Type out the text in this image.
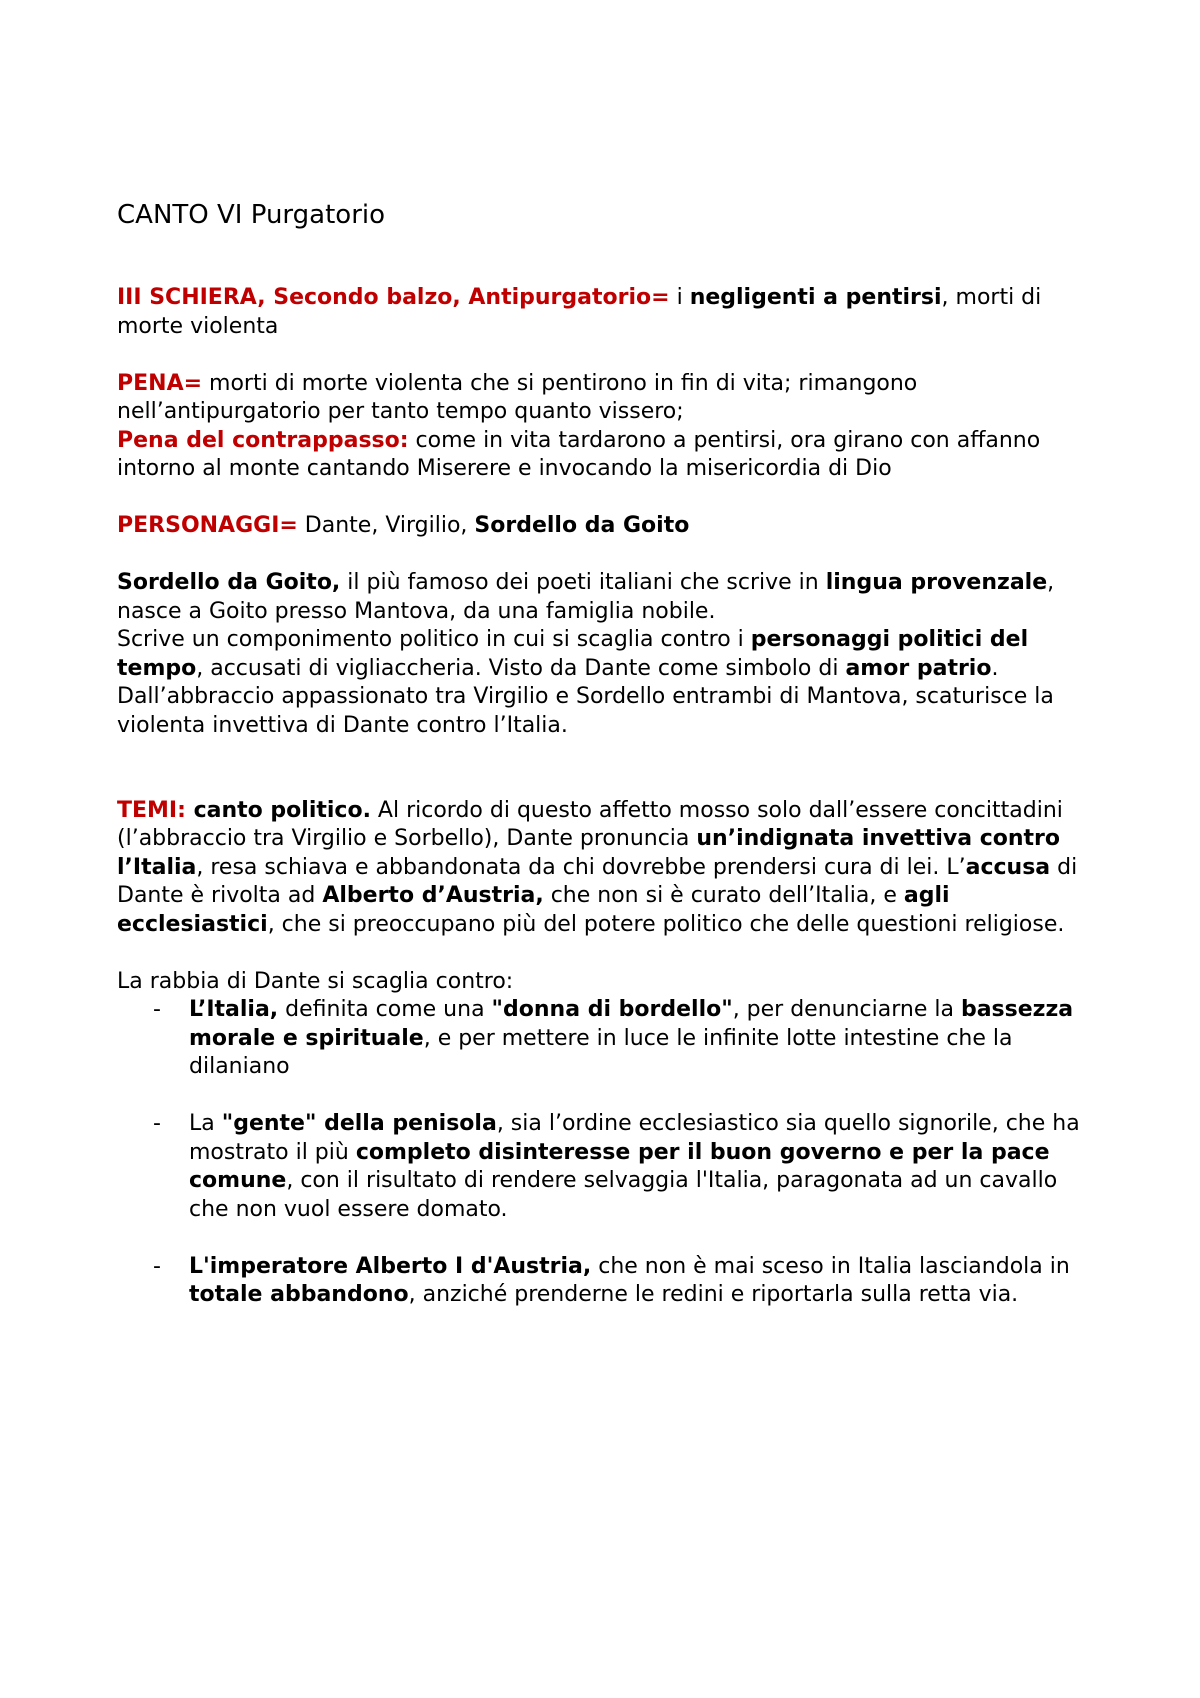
CANTO VI Purgatorio

III SCHIERA, Secondo balzo, Antipurgatorio= i negligenti a pentirsi, morti di morte violenta

PENA= morti di morte violenta che si pentirono in fin di vita; rimangono nell’antipurgatorio per tanto tempo quanto vissero;

Pena del contrappasso: come in vita tardarono a pentirsi, ora girano con affanno intorno al monte cantando Miserere e invocando la misericordia di Dio

PERSONAGGI= Dante, Virgilio, Sordello da Goito

Sordello da Goito, il più famoso dei poeti italiani che scrive in lingua provenzale, nasce a Goito presso Mantova, da una famiglia nobile.

Scrive un componimento politico in cui si scaglia contro i personaggi politici del tempo, accusati di vigliaccheria. Visto da Dante come simbolo di amor patrio.

Dall’abbraccio appassionato tra Virgilio e Sordello entrambi di Mantova, scaturisce la violenta invettiva di Dante contro l’Italia.

TEMI: canto politico. Al ricordo di questo affetto mosso solo dall’essere concittadini (l’abbraccio tra Virgilio e Sorbello), Dante pronuncia un’indignata invettiva contro l’Italia, resa schiava e abbandonata da chi dovrebbe prendersi cura di lei. L’accusa di Dante è rivolta ad Alberto d’Austria, che non si è curato dell’Italia, e agli ecclesiastici, che si preoccupano più del potere politico che delle questioni religiose.

La rabbia di Dante si scaglia contro:

- L’Italia, definita come una "donna di bordello", per denunciarne la bassezza morale e spirituale, e per mettere in luce le infinite lotte intestine che la dilaniano
- La "gente" della penisola, sia l’ordine ecclesiastico sia quello signorile, che ha mostrato il più completo disinteresse per il buon governo e per la pace comune, con il risultato di rendere selvaggia l'Italia, paragonata ad un cavallo che non vuol essere domato.
- L'imperatore Alberto I d'Austria, che non è mai sceso in Italia lasciandola in totale abbandono, anziché prenderne le redini e riportarla sulla retta via.
